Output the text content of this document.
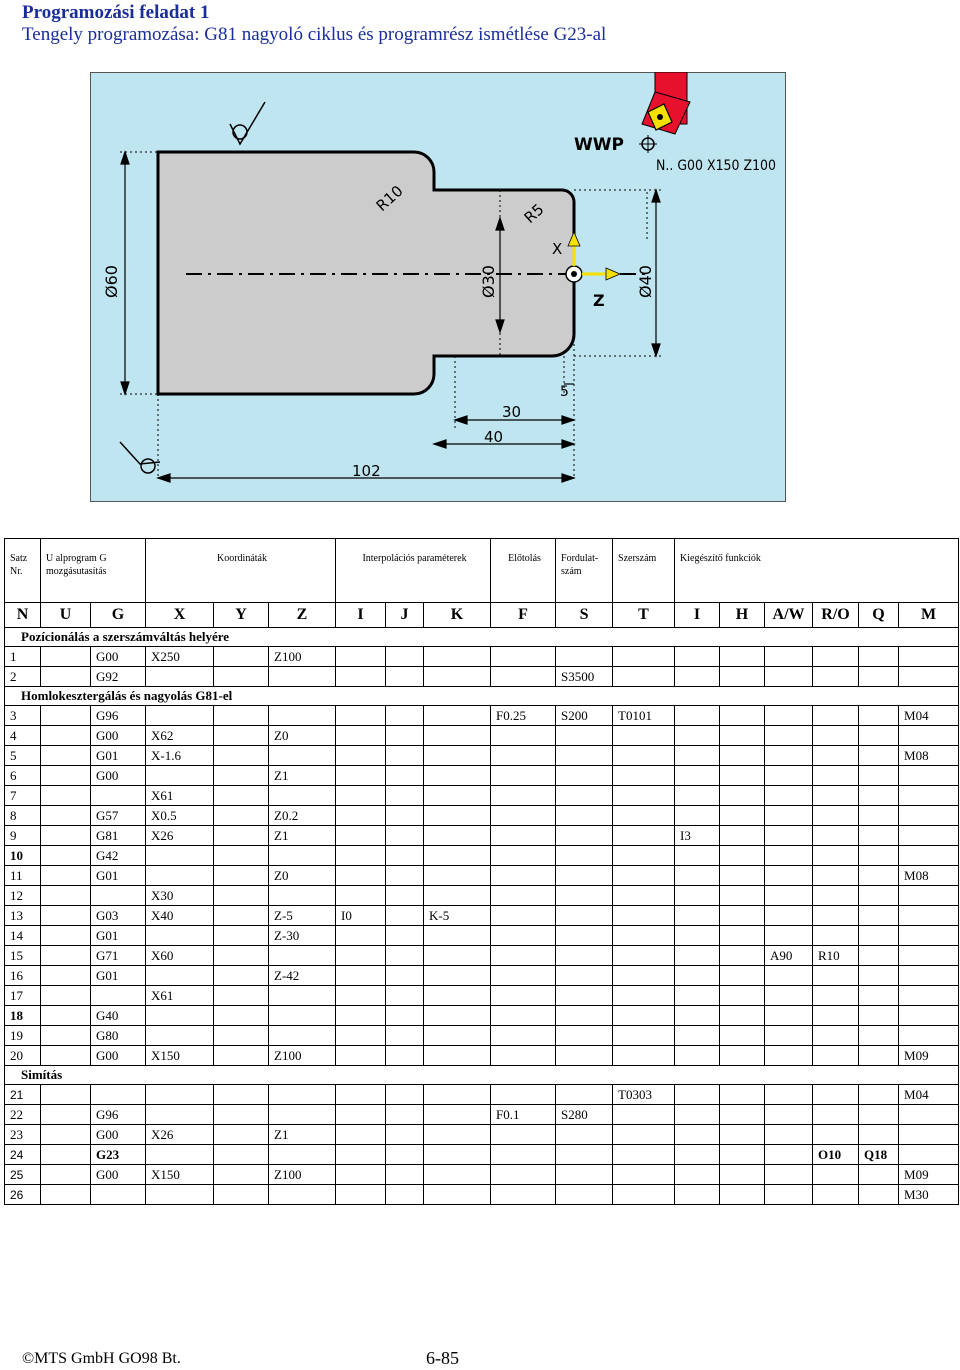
Programozási feladat 1
Tengely programozása: G81 nagyoló ciklus és programrész ismétlése G23-al
WWP
N.. G00 X150 Z100
R10	R5
Ø60	Ø30	Ø40
X
Z
5
30
40
102
Satz Nr.	U alprogram G mozgásutasítás		Koordináták			Interpolációs paraméterek			Előtolás	Fordulat-szám	Szerszám	Kiegészítő funkciók					
N	U	G	X	Y	Z	I	J	K	F	S	T	I	H	A/W	R/O	Q	M
Pozícionálás a szerszámváltás helyére																	
1		G00	X250		Z100												
2		G92								S3500							
Homlokesztergálás és nagyolás G81-el																	
3		G96							F0.25	S200	T0101						M04
4		G00	X62		Z0												
5		G01	X-1.6														M08
6		G00			Z1												
7			X61														
8		G57	X0.5		Z0.2												
9		G81	X26		Z1							I3					
10		G42															
11		G01			Z0												M08
12			X30														
13		G03	X40		Z-5	I0		K-5									
14		G01			Z-30												
15		G71	X60											A90	R10		
16		G01			Z-42												
17			X61														
18		G40															
19		G80															
20		G00	X150		Z100												M09
Simítás																	
21											T0303						M04
22		G96							F0.1	S280							
23		G00	X26		Z1												
24		G23													O10	Q18	
25		G00	X150		Z100												M09
26																	M30
©MTS GmbH GO98 Bt.	6-85
